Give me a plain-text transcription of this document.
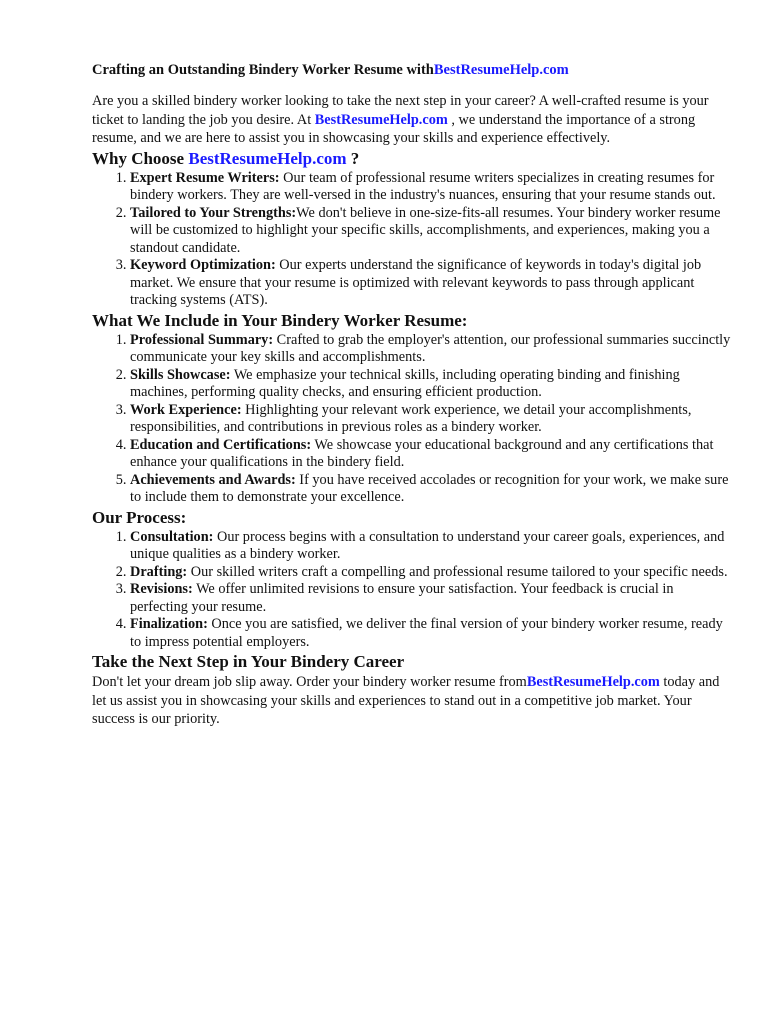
Crafting an Outstanding Bindery Worker Resume withBestResumeHelp.com

Are you a skilled bindery worker looking to take the next step in your career? A well-crafted resume is your ticket to landing the job you desire. At BestResumeHelp.com , we understand the importance of a strong resume, and we are here to assist you in showcasing your skills and experience effectively.

Why Choose BestResumeHelp.com ?
1. Expert Resume Writers: Our team of professional resume writers specializes in creating resumes for bindery workers. They are well-versed in the industry's nuances, ensuring that your resume stands out.
2. Tailored to Your Strengths:We don't believe in one-size-fits-all resumes. Your bindery worker resume will be customized to highlight your specific skills, accomplishments, and experiences, making you a standout candidate.
3. Keyword Optimization: Our experts understand the significance of keywords in today's digital job market. We ensure that your resume is optimized with relevant keywords to pass through applicant tracking systems (ATS).
What We Include in Your Bindery Worker Resume:
1. Professional Summary: Crafted to grab the employer's attention, our professional summaries succinctly communicate your key skills and accomplishments.
2. Skills Showcase: We emphasize your technical skills, including operating binding and finishing machines, performing quality checks, and ensuring efficient production.
3. Work Experience: Highlighting your relevant work experience, we detail your accomplishments, responsibilities, and contributions in previous roles as a bindery worker.
4. Education and Certifications: We showcase your educational background and any certifications that enhance your qualifications in the bindery field.
5. Achievements and Awards: If you have received accolades or recognition for your work, we make sure to include them to demonstrate your excellence.
Our Process:
1. Consultation: Our process begins with a consultation to understand your career goals, experiences, and unique qualities as a bindery worker.
2. Drafting: Our skilled writers craft a compelling and professional resume tailored to your specific needs.
3. Revisions: We offer unlimited revisions to ensure your satisfaction. Your feedback is crucial in perfecting your resume.
4. Finalization: Once you are satisfied, we deliver the final version of your bindery worker resume, ready to impress potential employers.
Take the Next Step in Your Bindery Career

Don't let your dream job slip away. Order your bindery worker resume fromBestResumeHelp.com today and let us assist you in showcasing your skills and experiences to stand out in a competitive job market. Your success is our priority.
